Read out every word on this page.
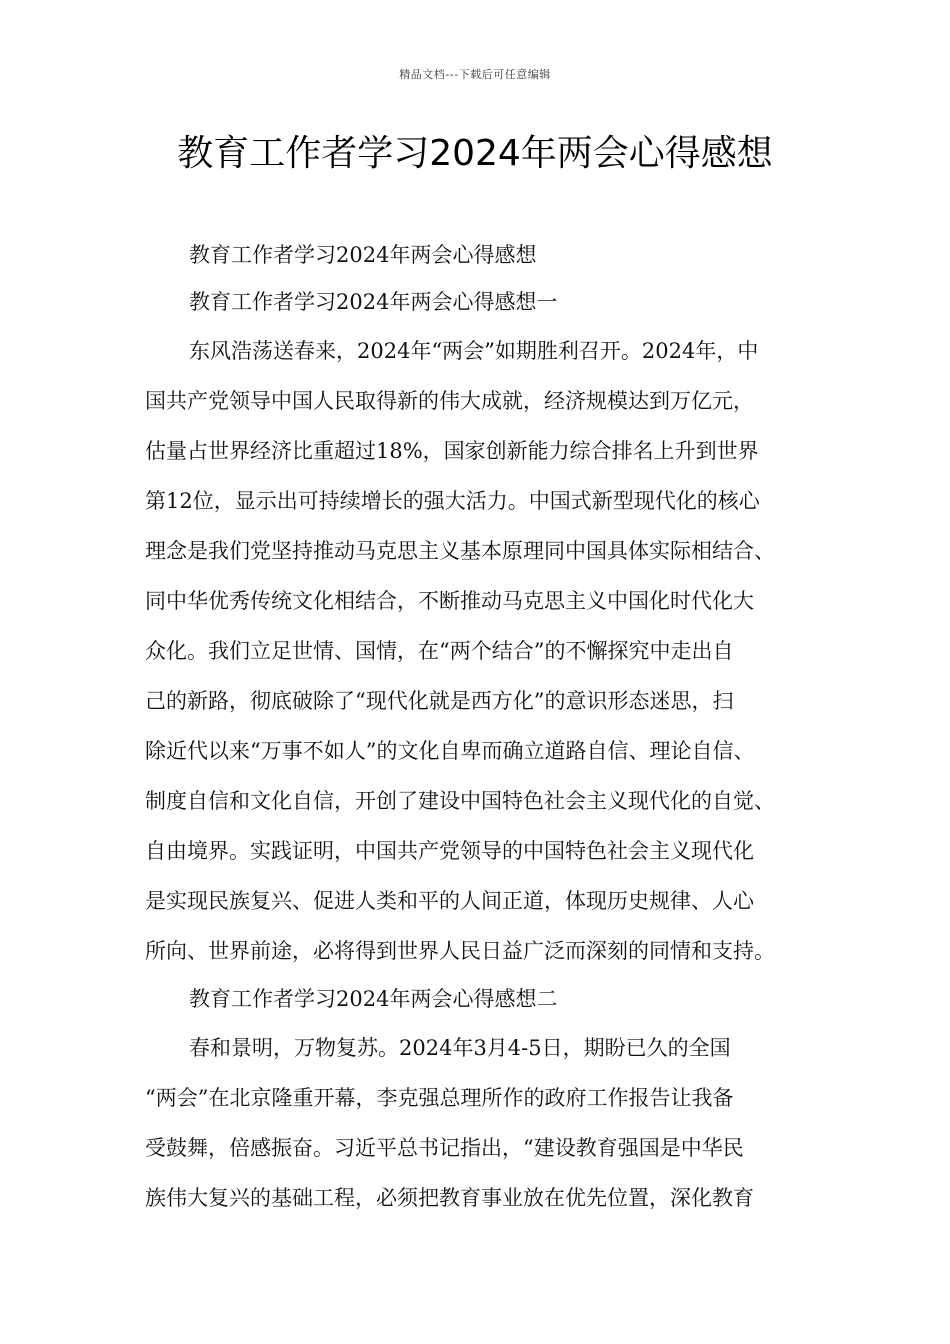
精品文档---下载后可任意编辑
教育工作者学习2024年两会心得感想
教育工作者学习2024年两会心得感想
教育工作者学习2024年两会心得感想一
东风浩荡送春来，2024年“两会”如期胜利召开。2024年，中
国共产党领导中国人民取得新的伟大成就，经济规模达到万亿元，
估量占世界经济比重超过18%，国家创新能力综合排名上升到世界
第12位，显示出可持续增长的强大活力。中国式新型现代化的核心
理念是我们党坚持推动马克思主义基本原理同中国具体实际相结合、
同中华优秀传统文化相结合，不断推动马克思主义中国化时代化大
众化。我们立足世情、国情，在“两个结合”的不懈探究中走出自
己的新路，彻底破除了“现代化就是西方化”的意识形态迷思，扫
除近代以来“万事不如人”的文化自卑而确立道路自信、理论自信、
制度自信和文化自信，开创了建设中国特色社会主义现代化的自觉、
自由境界。实践证明，中国共产党领导的中国特色社会主义现代化
是实现民族复兴、促进人类和平的人间正道，体现历史规律、人心
所向、世界前途，必将得到世界人民日益广泛而深刻的同情和支持。
教育工作者学习2024年两会心得感想二
春和景明，万物复苏。2024年3月4-5日，期盼已久的全国
“两会”在北京隆重开幕，李克强总理所作的政府工作报告让我备
受鼓舞，倍感振奋。习近平总书记指出，“建设教育强国是中华民
族伟大复兴的基础工程，必须把教育事业放在优先位置，深化教育
